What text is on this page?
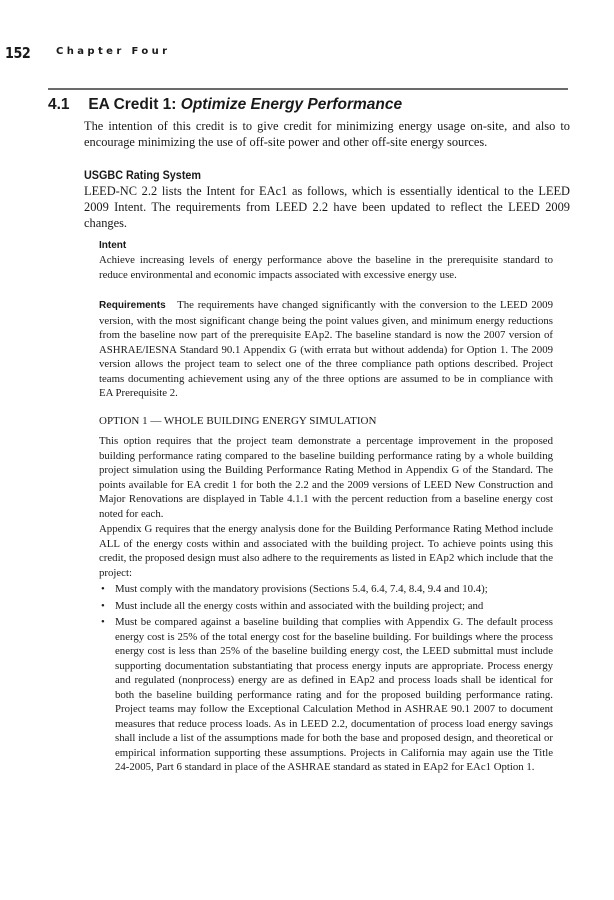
152	Chapter Four
4.1 EA Credit 1: Optimize Energy Performance

The intention of this credit is to give credit for minimizing energy usage on-site, and also to encourage minimizing the use of off-site power and other off-site energy sources.

USGBC Rating System

LEED-NC 2.2 lists the Intent for EAc1 as follows, which is essentially identical to the LEED 2009 Intent. The requirements from LEED 2.2 have been updated to reflect the LEED 2009 changes.

Intent

Achieve increasing levels of energy performance above the baseline in the prerequisite standard to reduce environmental and economic impacts associated with excessive energy use.

Requirements The requirements have changed significantly with the conversion to the LEED 2009 version, with the most significant change being the point values given, and minimum energy reductions from the baseline now part of the prerequisite EAp2. The baseline standard is now the 2007 version of ASHRAE/IESNA Standard 90.1 Appendix G (with errata but without addenda) for Option 1. The 2009 version allows the project team to select one of the three compliance path options described. Project teams documenting achievement using any of the three options are assumed to be in compliance with EA Prerequisite 2.

OPTION 1 — WHOLE BUILDING ENERGY SIMULATION

This option requires that the project team demonstrate a percentage improvement in the proposed building performance rating compared to the baseline building performance rating by a whole building project simulation using the Building Performance Rating Method in Appendix G of the Standard. The points available for EA credit 1 for both the 2.2 and the 2009 versions of LEED New Construction and Major Renovations are displayed in Table 4.1.1 with the percent reduction from a baseline energy cost noted for each.

Appendix G requires that the energy analysis done for the Building Performance Rating Method include ALL of the energy costs within and associated with the building project. To achieve points using this credit, the proposed design must also adhere to the requirements as listed in EAp2 which include that the project:

• Must comply with the mandatory provisions (Sections 5.4, 6.4, 7.4, 8.4, 9.4 and 10.4);
• Must include all the energy costs within and associated with the building project; and
• Must be compared against a baseline building that complies with Appendix G. The default process energy cost is 25% of the total energy cost for the baseline building. For buildings where the process energy cost is less than 25% of the baseline building energy cost, the LEED submittal must include supporting documentation substantiating that process energy inputs are appropriate. Process energy and regulated (nonprocess) energy are as defined in EAp2 and process loads shall be identical for both the baseline building performance rating and for the proposed building performance rating. Project teams may follow the Exceptional Calculation Method in ASHRAE 90.1 2007 to document measures that reduce process loads. As in LEED 2.2, documentation of process load energy savings shall include a list of the assumptions made for both the base and proposed design, and theoretical or empirical information supporting these assumptions. Projects in California may again use the Title 24-2005, Part 6 standard in place of the ASHRAE standard as stated in EAp2 for EAc1 Option 1.
